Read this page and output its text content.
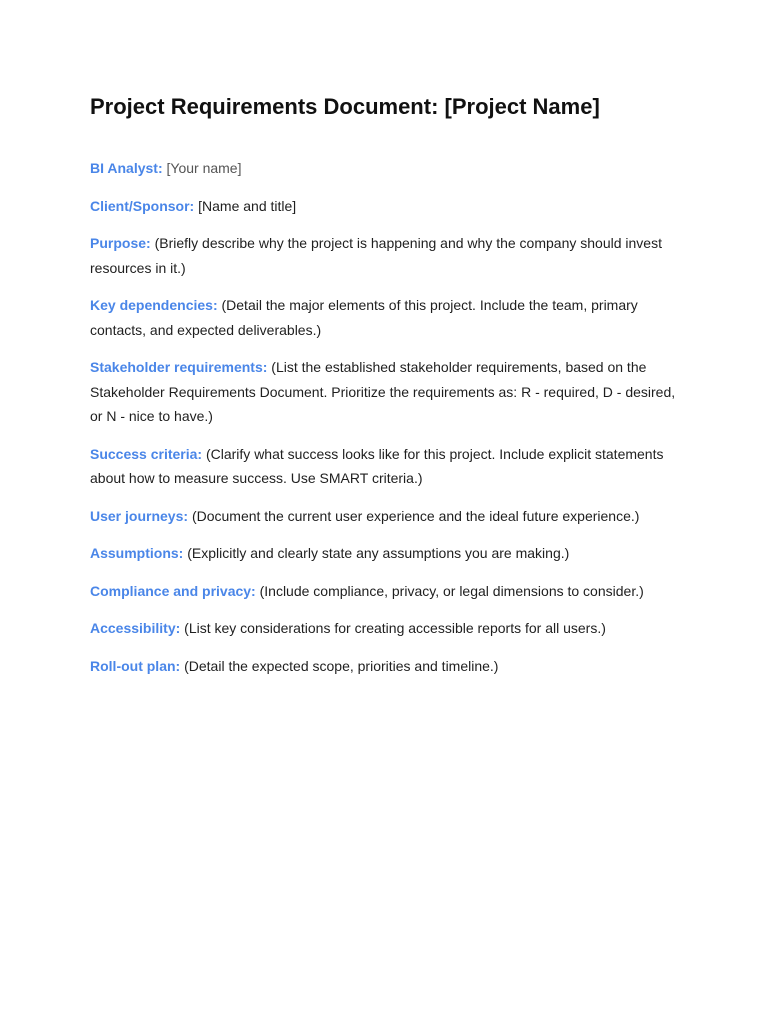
Project Requirements Document: [Project Name]

BI Analyst: [Your name]

Client/Sponsor: [Name and title]

Purpose: (Briefly describe why the project is happening and why the company should invest resources in it.)

Key dependencies: (Detail the major elements of this project. Include the team, primary contacts, and expected deliverables.)

Stakeholder requirements: (List the established stakeholder requirements, based on the Stakeholder Requirements Document. Prioritize the requirements as: R - required, D - desired, or N - nice to have.)

Success criteria: (Clarify what success looks like for this project. Include explicit statements about how to measure success. Use SMART criteria.)

User journeys: (Document the current user experience and the ideal future experience.)

Assumptions: (Explicitly and clearly state any assumptions you are making.)

Compliance and privacy: (Include compliance, privacy, or legal dimensions to consider.)

Accessibility: (List key considerations for creating accessible reports for all users.)

Roll-out plan: (Detail the expected scope, priorities and timeline.)
